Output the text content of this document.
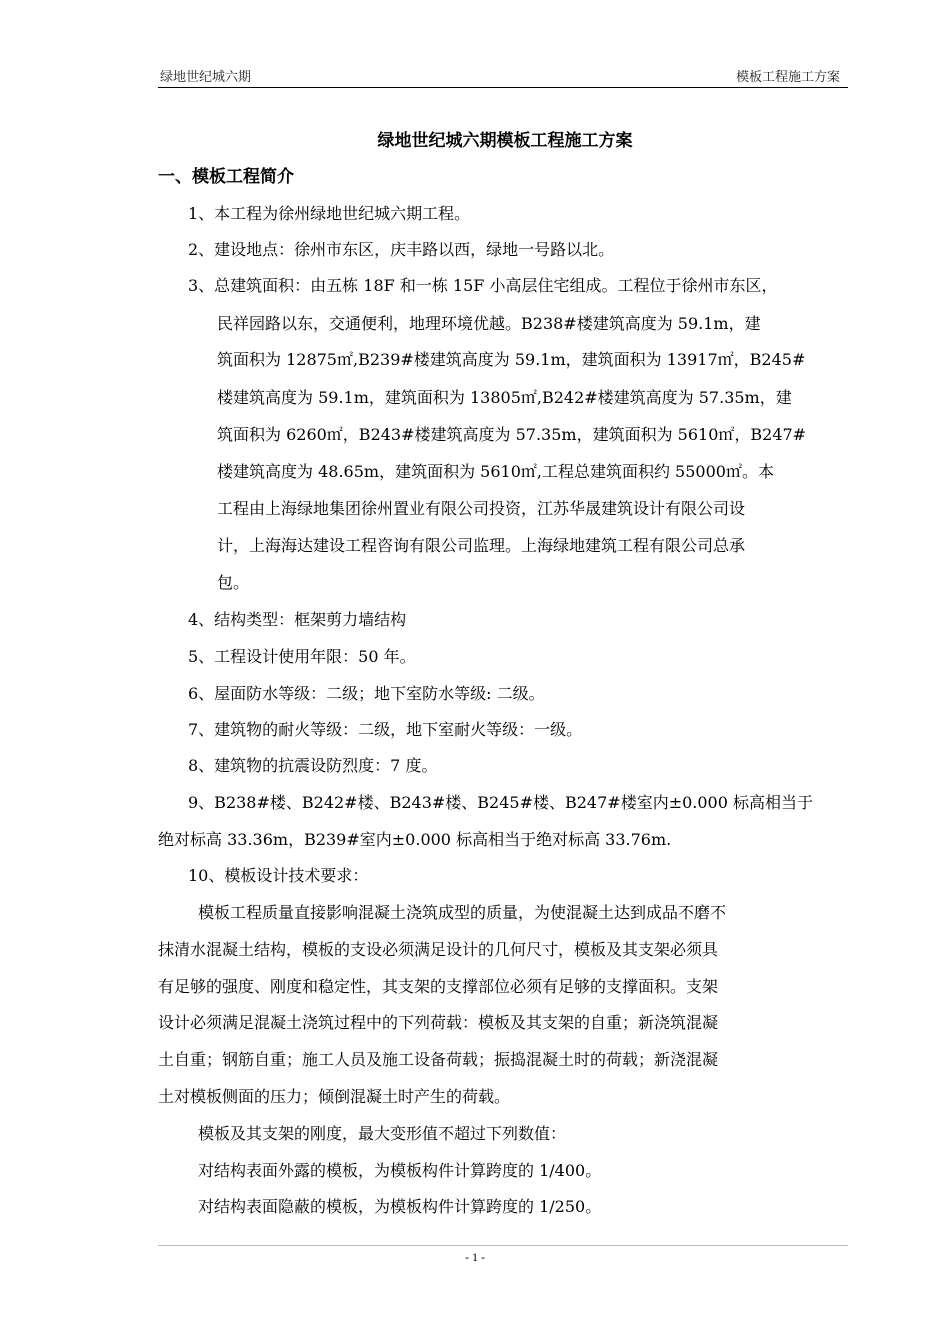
绿地世纪城六期	模板工程施工方案
绿地世纪城六期模板工程施工方案
一、模板工程简介
1、本工程为徐州绿地世纪城六期工程。
2、建设地点：徐州市东区，庆丰路以西，绿地一号路以北。
3、总建筑面积：由五栋 18F 和一栋 15F 小高层住宅组成。工程位于徐州市东区，
民祥园路以东，交通便利，地理环境优越。B238#楼建筑高度为 59.1m，建
筑面积为 12875㎡,B239#楼建筑高度为 59.1m，建筑面积为 13917㎡，B245#
楼建筑高度为 59.1m，建筑面积为 13805㎡,B242#楼建筑高度为 57.35m，建
筑面积为 6260㎡，B243#楼建筑高度为 57.35m，建筑面积为 5610㎡，B247#
楼建筑高度为 48.65m，建筑面积为 5610㎡,工程总建筑面积约 55000㎡。本
工程由上海绿地集团徐州置业有限公司投资，江苏华晟建筑设计有限公司设
计，上海海达建设工程咨询有限公司监理。上海绿地建筑工程有限公司总承
包。
4、结构类型：框架剪力墙结构
5、工程设计使用年限：50 年。
6、屋面防水等级：二级；地下室防水等级: 二级。
7、建筑物的耐火等级：二级，地下室耐火等级：一级。
8、建筑物的抗震设防烈度：7 度。
9、B238#楼、B242#楼、B243#楼、B245#楼、B247#楼室内±0.000 标高相当于
绝对标高 33.36m，B239#室内±0.000 标高相当于绝对标高 33.76m.
10、模板设计技术要求：
模板工程质量直接影响混凝土浇筑成型的质量，为使混凝土达到成品不磨不
抹清水混凝土结构，模板的支设必须满足设计的几何尺寸，模板及其支架必须具
有足够的强度、刚度和稳定性，其支架的支撑部位必须有足够的支撑面积。支架
设计必须满足混凝土浇筑过程中的下列荷载：模板及其支架的自重；新浇筑混凝
土自重；钢筋自重；施工人员及施工设备荷载；振捣混凝土时的荷载；新浇混凝
土对模板侧面的压力；倾倒混凝土时产生的荷载。
模板及其支架的刚度，最大变形值不超过下列数值：
对结构表面外露的模板，为模板构件计算跨度的 1/400。
对结构表面隐蔽的模板，为模板构件计算跨度的 1/250。
- 1 -
